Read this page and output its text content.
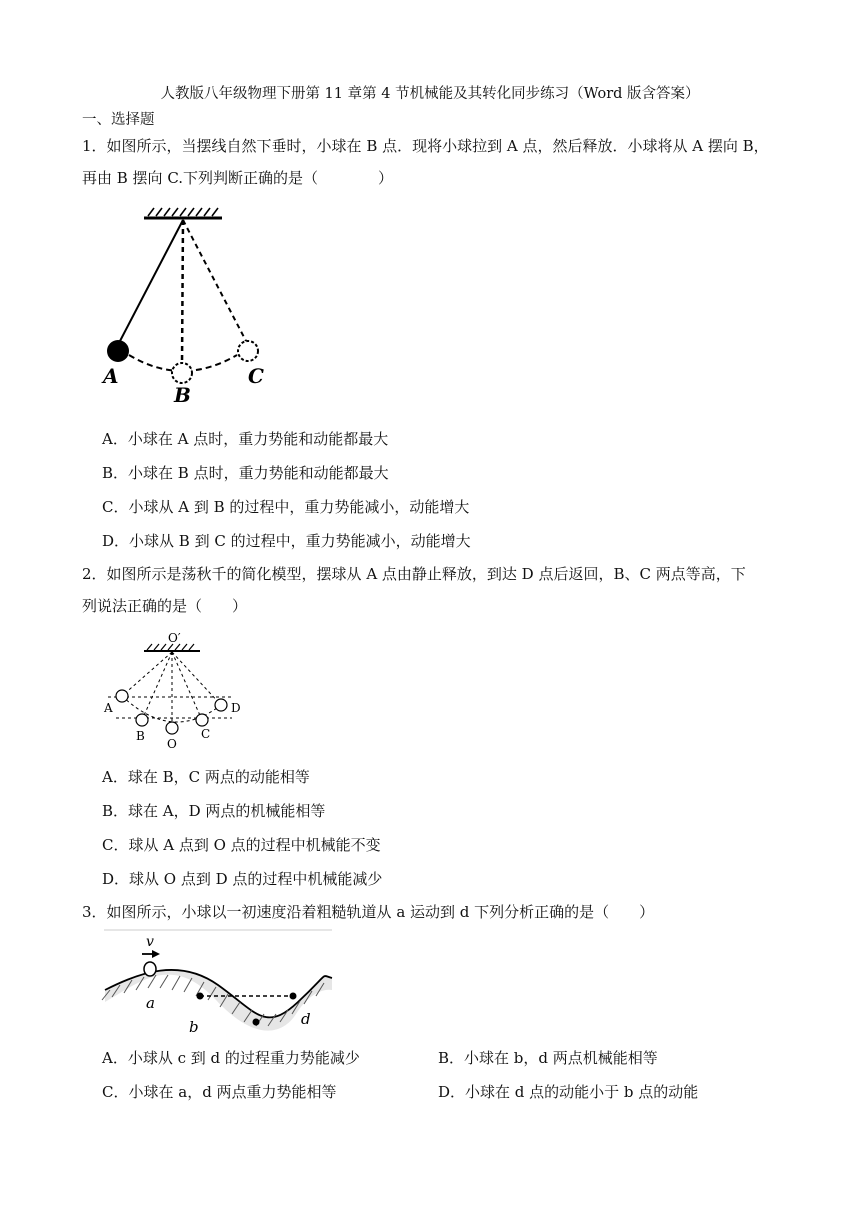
人教版八年级物理下册第 11 章第 4 节机械能及其转化同步练习（Word 版含答案）
一、选择题
1．如图所示，当摆线自然下垂时，小球在 B 点．现将小球拉到 A 点，然后释放．小球将从 A 摆向 B，
再由 B 摆向 C.下列判断正确的是（　　　　）
A
B
C
A．小球在 A 点时，重力势能和动能都最大
B．小球在 B 点时，重力势能和动能都最大
C．小球从 A 到 B 的过程中，重力势能减小，动能增大
D．小球从 B 到 C 的过程中，重力势能减小，动能增大
2．如图所示是荡秋千的简化模型，摆球从 A 点由静止释放，到达 D 点后返回，B、C 两点等高，下
列说法正确的是（　　）
O′
A
B
O
C
D
A．球在 B，C 两点的动能相等
B．球在 A，D 两点的机械能相等
C．球从 A 点到 O 点的过程中机械能不变
D．球从 O 点到 D 点的过程中机械能减少
3．如图所示，小球以一初速度沿着粗糙轨道从 a 运动到 d 下列分析正确的是（　　）
v
a
b	d
A．小球从 c 到 d 的过程重力势能减少	B．小球在 b，d 两点机械能相等
C．小球在 a，d 两点重力势能相等	D．小球在 d 点的动能小于 b 点的动能
